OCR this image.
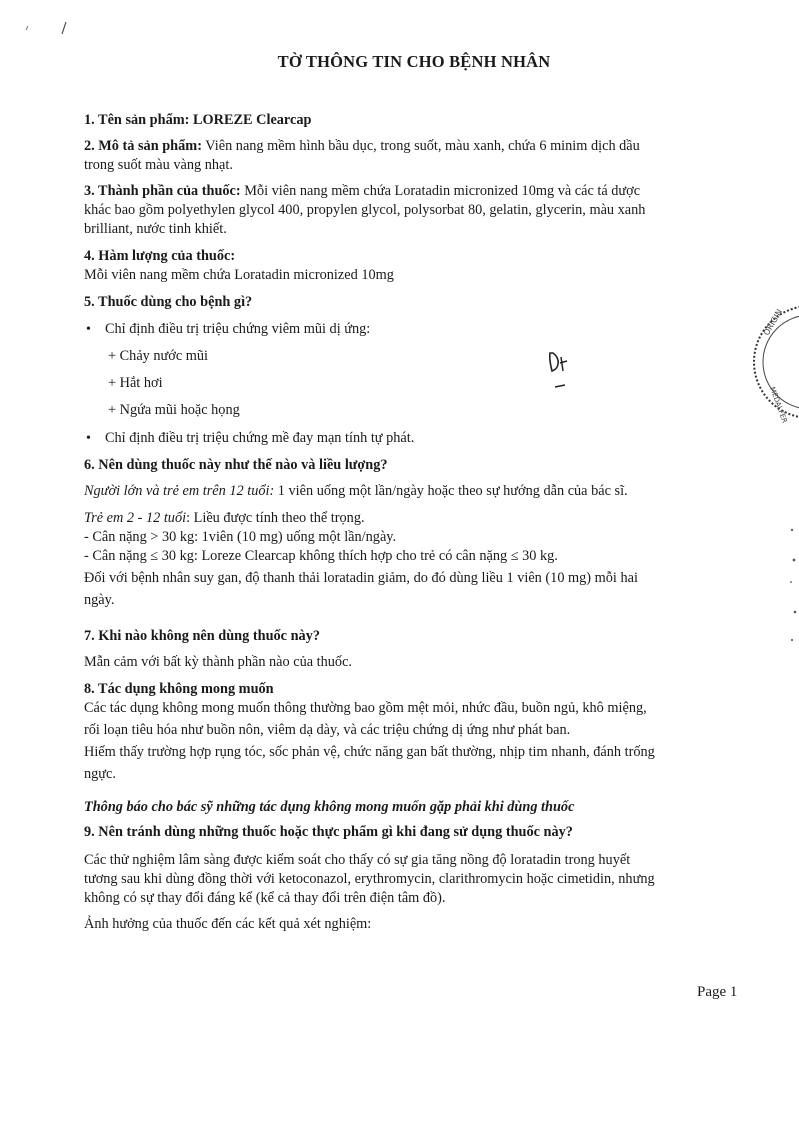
ORIGIN
MEDALFER
TỜ THÔNG TIN CHO BỆNH NHÂN

1. Tên sản phẩm: LOREZE Clearcap

2. Mô tả sản phẩm: Viên nang mềm hình bầu dục, trong suốt, màu xanh, chứa 6 minim dịch dầu

trong suốt màu vàng nhạt.

3. Thành phần của thuốc: Mỗi viên nang mềm chứa Loratadin micronized 10mg và các tá dược

khác bao gồm polyethylen glycol 400, propylen glycol, polysorbat 80, gelatin, glycerin, màu xanh

brilliant, nước tinh khiết.

4. Hàm lượng của thuốc:

Mỗi viên nang mềm chứa Loratadin micronized 10mg

5. Thuốc dùng cho bệnh gì?

• Chỉ định điều trị triệu chứng viêm mũi dị ứng:

+ Chảy nước mũi

+ Hắt hơi

+ Ngứa mũi hoặc họng

• Chỉ định điều trị triệu chứng mề đay mạn tính tự phát.

6. Nên dùng thuốc này như thế nào và liều lượng?

Người lớn và trẻ em trên 12 tuổi: 1 viên uống một lần/ngày hoặc theo sự hướng dẫn của bác sĩ.

Trẻ em 2 - 12 tuổi: Liều được tính theo thể trọng.

- Cân nặng > 30 kg: 1viên (10 mg) uống một lần/ngày.

- Cân nặng ≤ 30 kg: Loreze Clearcap không thích hợp cho trẻ có cân nặng ≤ 30 kg.

Đối với bệnh nhân suy gan, độ thanh thải loratadin giảm, do đó dùng liều 1 viên (10 mg) mỗi hai

ngày.

7. Khi nào không nên dùng thuốc này?

Mẫn cảm với bất kỳ thành phần nào của thuốc.

8. Tác dụng không mong muốn

Các tác dụng không mong muốn thông thường bao gồm mệt mỏi, nhức đầu, buồn ngủ, khô miệng,

rối loạn tiêu hóa như buồn nôn, viêm dạ dày, và các triệu chứng dị ứng như phát ban.

Hiếm thấy trường hợp rụng tóc, sốc phản vệ, chức năng gan bất thường, nhịp tim nhanh, đánh trống

ngực.

Thông báo cho bác sỹ những tác dụng không mong muốn gặp phải khi dùng thuốc

9. Nên tránh dùng những thuốc hoặc thực phẩm gì khi đang sử dụng thuốc này?

Các thử nghiệm lâm sàng được kiểm soát cho thấy có sự gia tăng nồng độ loratadin trong huyết

tương sau khi dùng đồng thời với ketoconazol, erythromycin, clarithromycin hoặc cimetidin, nhưng

không có sự thay đổi đáng kể (kể cả thay đổi trên điện tâm đồ).

Ảnh hưởng của thuốc đến các kết quả xét nghiệm:

Page 1
